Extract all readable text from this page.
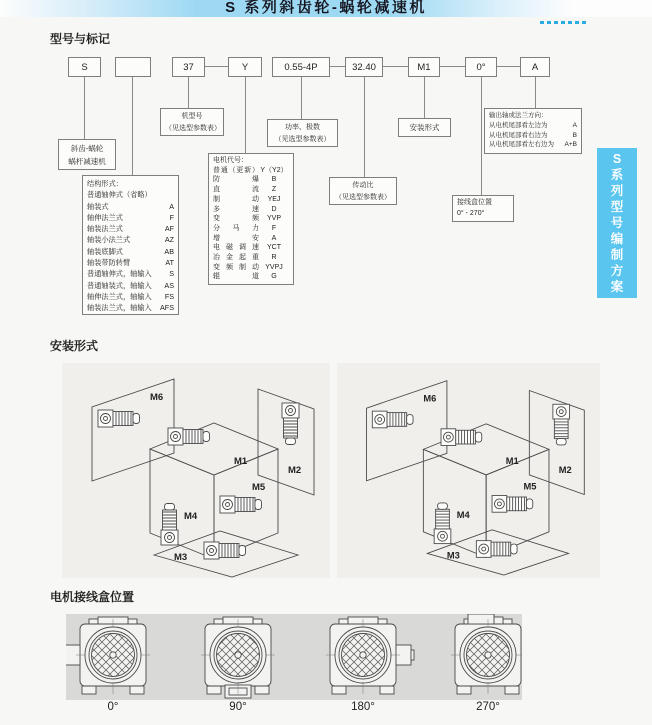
S 系列斜齿轮-蜗轮减速机
型号与标记
S	37	Y	0.55-4P	32.40	M1	0°	A
斜齿-蜗轮
蜗杆减速机
机型号
（见选型参数表）
结构形式：
普通轴伸式（省略）
轴装式	A
轴伸法兰式	F
轴装法兰式	AF
轴装小法兰式	AZ
轴装底脚式	AB
轴装带防转臂	AT
普通轴伸式，轴输入 S
普通轴装式，轴输入 AS
轴伸法兰式，轴输入 FS
轴装法兰式，轴输入 AFS
电机代号：
普通（更新） Y（Y2）
防爆	B
直流	Z
制动	YEJ
多速	D
变频	YVP
分马力	F
增安	A
电磁调速	YCT
冶金起重	R
变频制动 YVPJ
辊道	G
功率、极数
（见选型参数表）
传动比
（见选型参数表）
安装形式
接线盒位置
0° - 270°
输出轴或法兰方向：
从电机尾部看左边为	A
从电机尾部看右边为	B
从电机尾部看左右边为 A+B
S
系
列
型
号
编
制
方
案
安装形式
M1
M2
M3
M4
M5
M6
M1
M2
M3
M4
M5
M6
电机接线盒位置
0°	90°	180°	270°
